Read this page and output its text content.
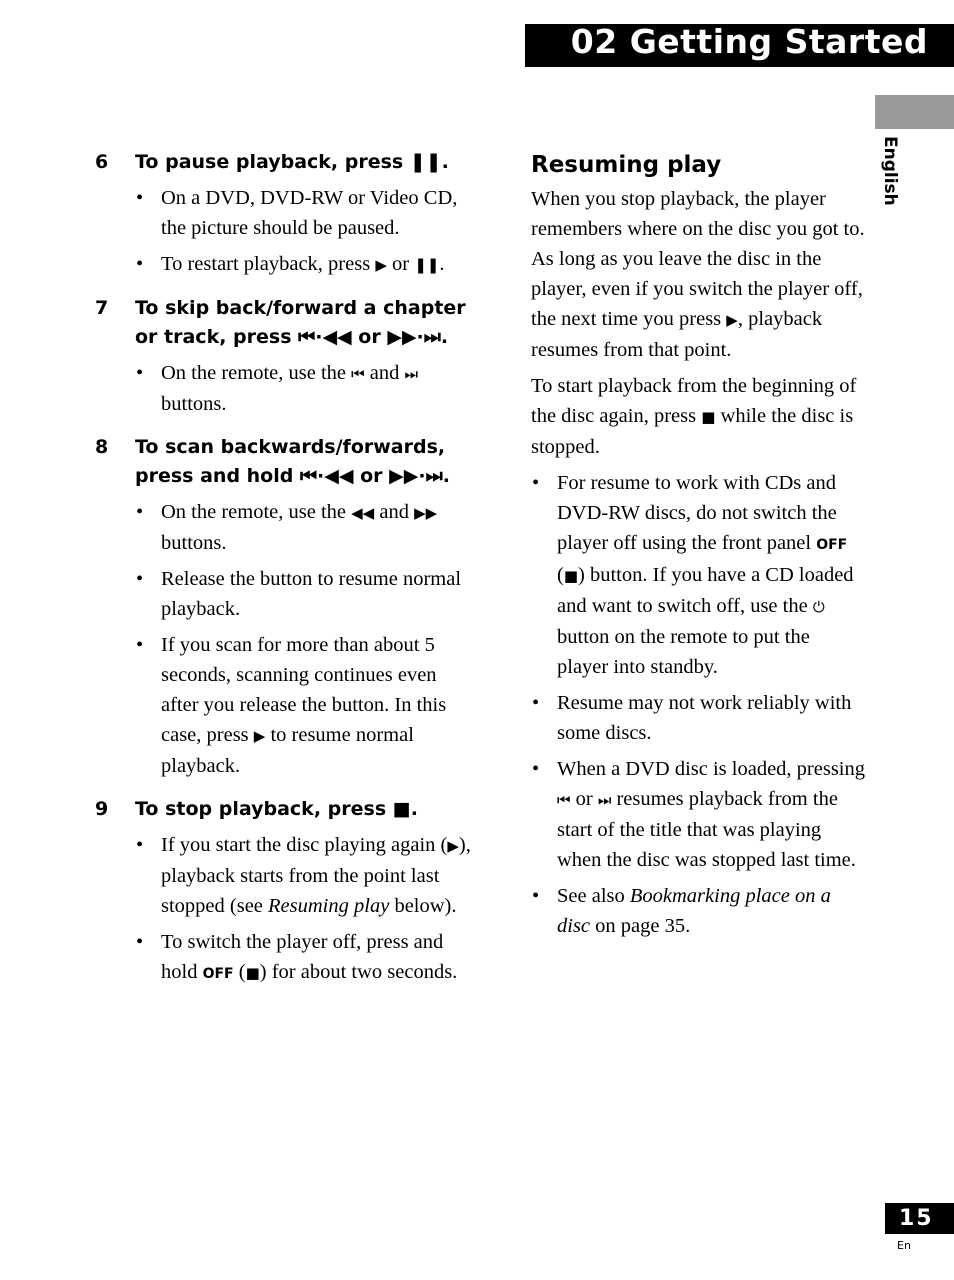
02 Getting Started
English
6 To pause playback, press ❚❚.

• On a DVD, DVD-RW or Video CD, the picture should be paused.

• To restart playback, press ▶ or ❚❚.

7 To skip back/forward a chapter or track, press ⏮·◀◀ or ▶▶·⏭.

• On the remote, use the ⏮ and ⏭ buttons.

8 To scan backwards/forwards, press and hold ⏮·◀◀ or ▶▶·⏭.

• On the remote, use the ◀◀ and ▶▶ buttons.

• Release the button to resume normal playback.

• If you scan for more than about 5 seconds, scanning continues even after you release the button. In this case, press ▶ to resume normal playback.

9 To stop playback, press ■.

• If you start the disc playing again (▶), playback starts from the point last stopped (see Resuming play below).

• To switch the player off, press and hold OFF (■) for about two seconds.

Resuming play

When you stop playback, the player remembers where on the disc you got to. As long as you leave the disc in the player, even if you switch the player off, the next time you press ▶, playback resumes from that point.

To start playback from the beginning of the disc again, press ■ while the disc is stopped.

• For resume to work with CDs and DVD-RW discs, do not switch the player off using the front panel OFF (■) button. If you have a CD loaded and want to switch off, use the ⏻ button on the remote to put the player into standby.

• Resume may not work reliably with some discs.

• When a DVD disc is loaded, pressing ⏮ or ⏭ resumes playback from the start of the title that was playing when the disc was stopped last time.

• See also Bookmarking place on a disc on page 35.

15
En
